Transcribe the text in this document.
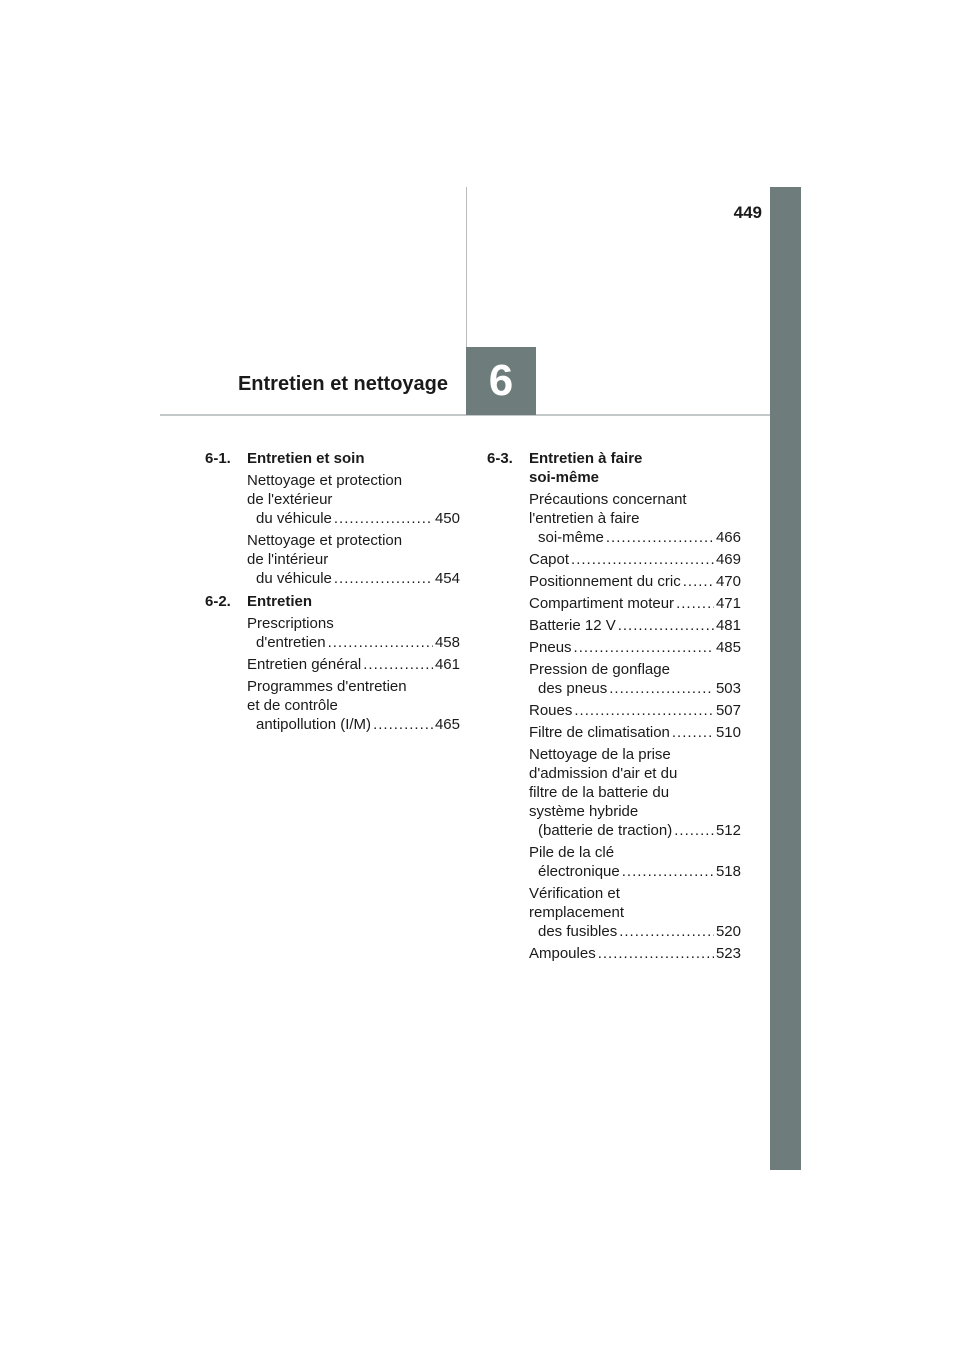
449
6
Entretien et nettoyage
6-1.	Entretien et soin
Nettoyage et protection
de l'extérieur
du véhicule .....	450
Nettoyage et protection
de l'intérieur
du véhicule .....	454
6-2.	Entretien
Prescriptions
d'entretien .....	458
Entretien général .....	461
Programmes d'entretien
et de contrôle
antipollution (I/M) .....	465
6-3.	Entretien à faire
soi-même
Précautions concernant
l'entretien à faire
soi-même .....	466
Capot .....	469
Positionnement du cric ..... 470
Compartiment moteur .....	471
Batterie 12 V .....	481
Pneus .....	485
Pression de gonflage
des pneus .....	503
Roues .....	507
Filtre de climatisation .....	510
Nettoyage de la prise
d'admission d'air et du
filtre de la batterie du
système hybride
(batterie de traction) .....	512
Pile de la clé
électronique .....	518
Vérification et
remplacement
des fusibles .....	520
Ampoules .....	523
